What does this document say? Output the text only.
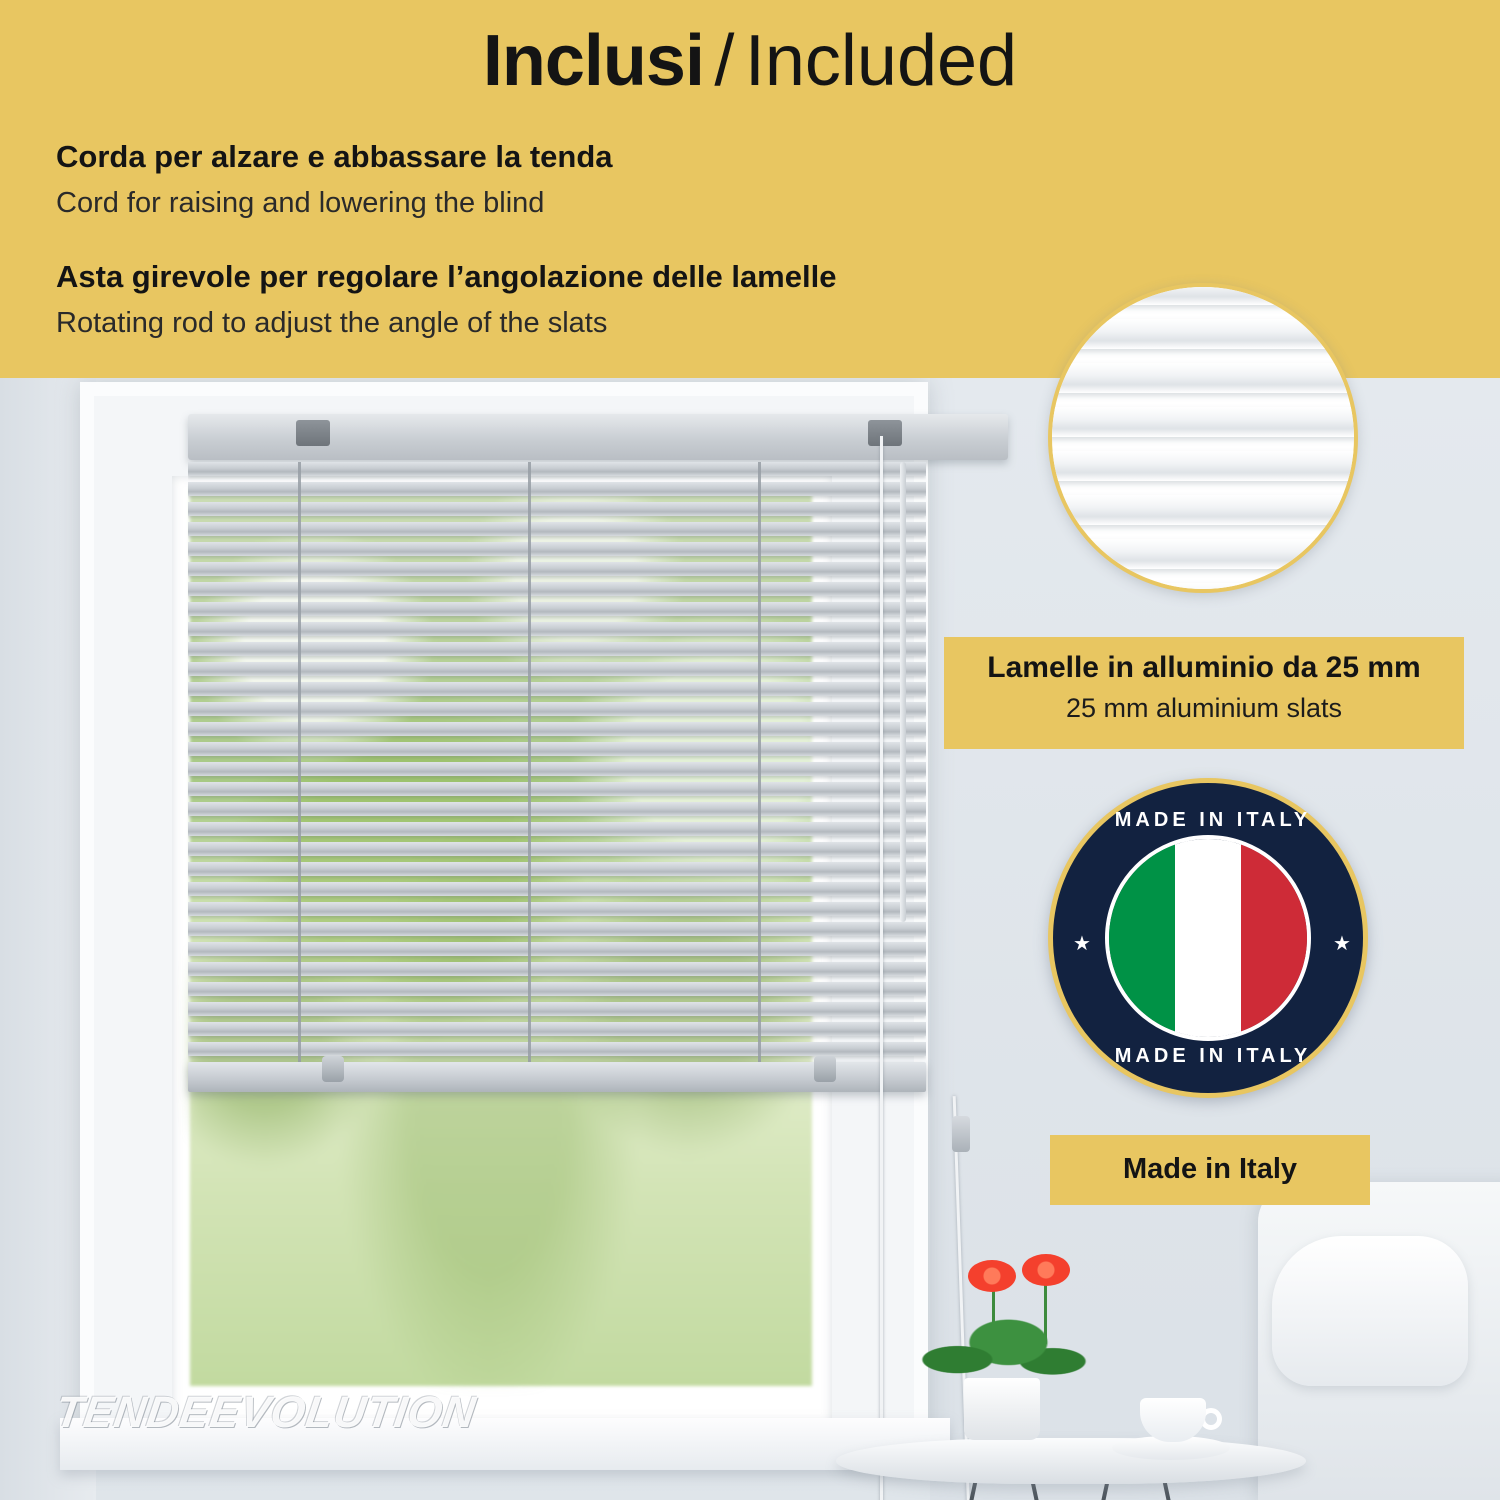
Inclusi / Included
Corda per alzare e abbassare la tenda
Cord for raising and lowering the blind
Asta girevole per regolare l’angolazione delle lamelle
Rotating rod to adjust the angle of the slats
Lamelle in alluminio da 25 mm
25 mm aluminium slats
MADE IN ITALY
MADE IN ITALY
★	★
Made in Italy
TENDEEVOLUTION
